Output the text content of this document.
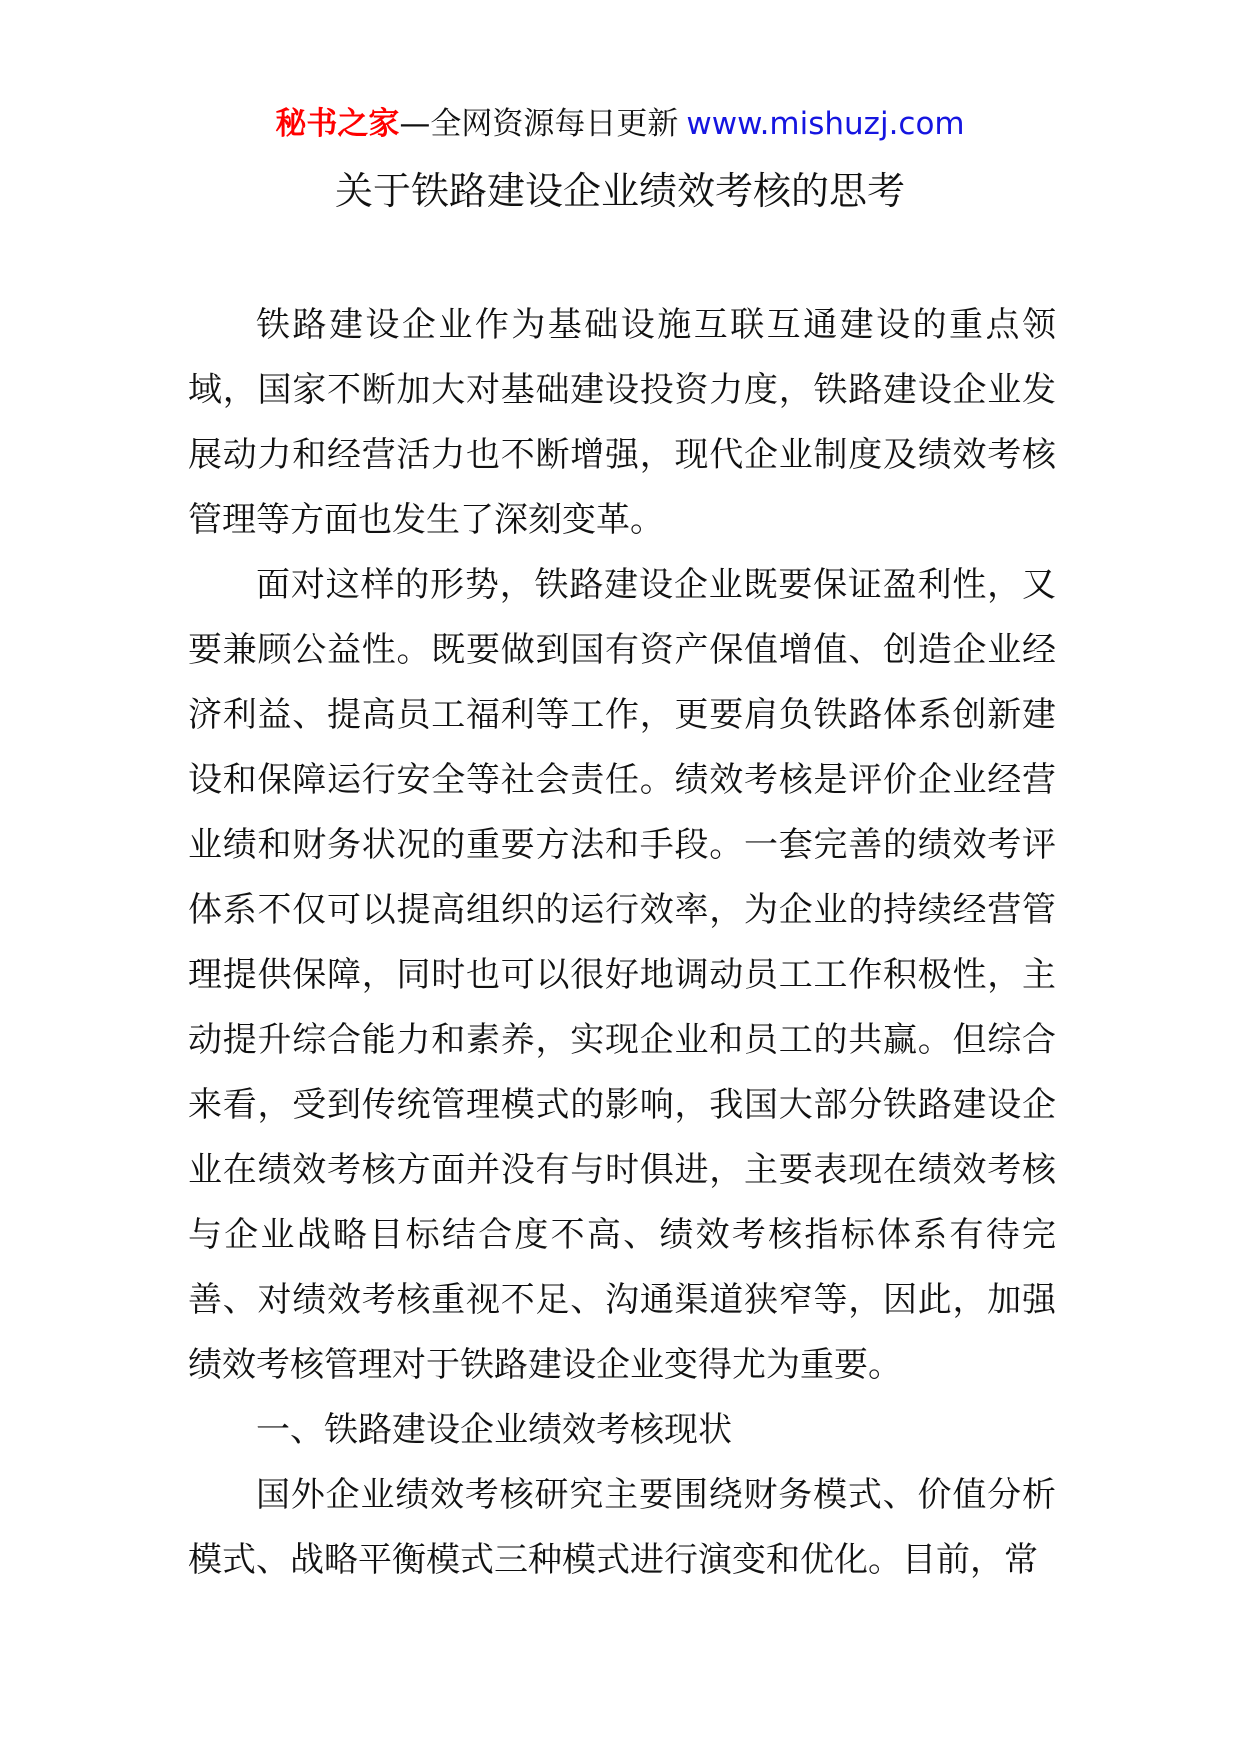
秘书之家—全网资源每日更新 www.mishuzj.com
关于铁路建设企业绩效考核的思考

铁路建设企业作为基础设施互联互通建设的重点领域，国家不断加大对基础建设投资力度，铁路建设企业发展动力和经营活力也不断增强，现代企业制度及绩效考核管理等方面也发生了深刻变革。

面对这样的形势，铁路建设企业既要保证盈利性，又要兼顾公益性。既要做到国有资产保值增值、创造企业经济利益、提高员工福利等工作，更要肩负铁路体系创新建设和保障运行安全等社会责任。绩效考核是评价企业经营业绩和财务状况的重要方法和手段。一套完善的绩效考评体系不仅可以提高组织的运行效率，为企业的持续经营管理提供保障，同时也可以很好地调动员工工作积极性，主动提升综合能力和素养，实现企业和员工的共赢。但综合来看，受到传统管理模式的影响，我国大部分铁路建设企业在绩效考核方面并没有与时俱进，主要表现在绩效考核与企业战略目标结合度不高、绩效考核指标体系有待完善、对绩效考核重视不足、沟通渠道狭窄等，因此，加强绩效考核管理对于铁路建设企业变得尤为重要。

一、铁路建设企业绩效考核现状

国外企业绩效考核研究主要围绕财务模式、价值分析模式、战略平衡模式三种模式进行演变和优化。目前，常
